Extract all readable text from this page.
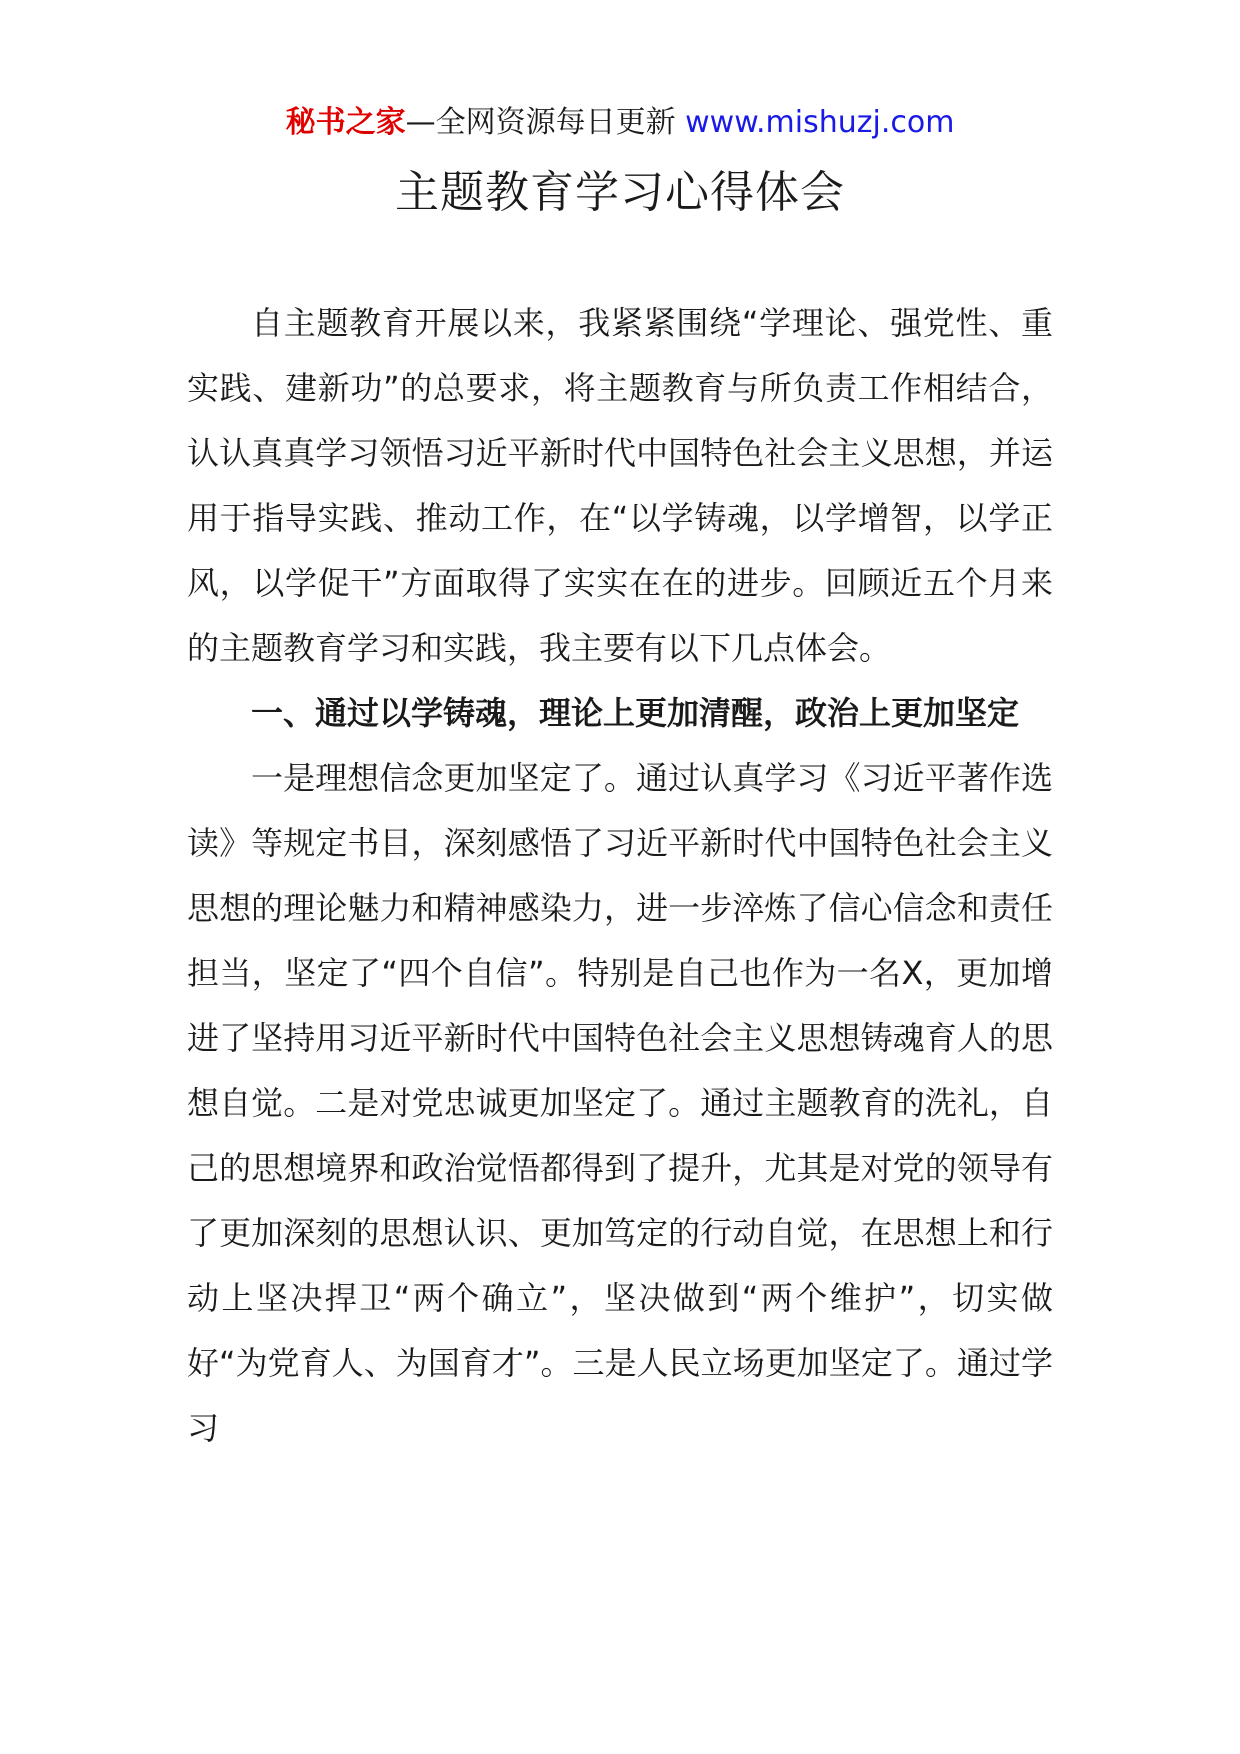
秘书之家—全网资源每日更新 www.mishuzj.com
主题教育学习心得体会

自主题教育开展以来，我紧紧围绕“学理论、强党性、重实践、建新功”的总要求，将主题教育与所负责工作相结合，认认真真学习领悟习近平新时代中国特色社会主义思想，并运用于指导实践、推动工作，在“以学铸魂，以学增智，以学正风，以学促干”方面取得了实实在在的进步。回顾近五个月来的主题教育学习和实践，我主要有以下几点体会。

一、通过以学铸魂，理论上更加清醒，政治上更加坚定

一是理想信念更加坚定了。通过认真学习《习近平著作选读》等规定书目，深刻感悟了习近平新时代中国特色社会主义思想的理论魅力和精神感染力，进一步淬炼了信心信念和责任担当，坚定了“四个自信”。特别是自己也作为一名X，更加增进了坚持用习近平新时代中国特色社会主义思想铸魂育人的思想自觉。二是对党忠诚更加坚定了。通过主题教育的洗礼，自己的思想境界和政治觉悟都得到了提升，尤其是对党的领导有了更加深刻的思想认识、更加笃定的行动自觉，在思想上和行动上坚决捍卫“两个确立”，坚决做到“两个维护”，切实做好“为党育人、为国育才”。三是人民立场更加坚定了。通过学习
